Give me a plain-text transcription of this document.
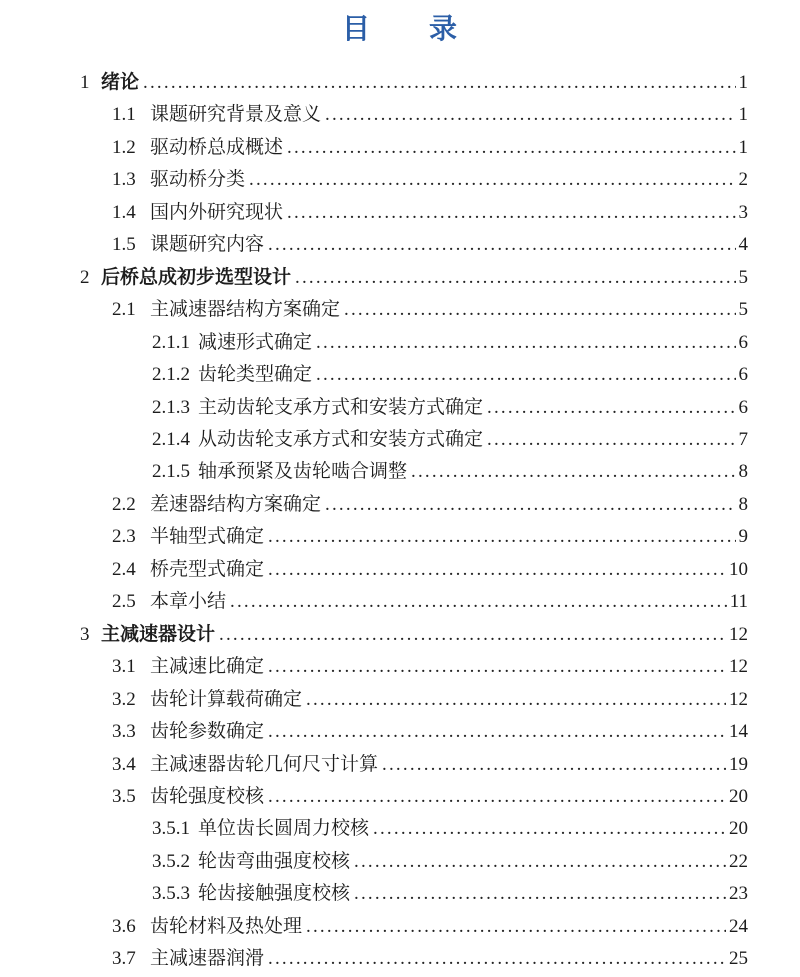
目　　录
1 绪论 .....	1
1.1 课题研究背景及意义 .....	1
1.2 驱动桥总成概述 .....	1
1.3 驱动桥分类 .....	2
1.4 国内外研究现状 .....	3
1.5 课题研究内容 .....	4
2 后桥总成初步选型设计 .....	5
2.1 主减速器结构方案确定 .....	5
2.1.1 减速形式确定 .....	6
2.1.2 齿轮类型确定 .....	6
2.1.3 主动齿轮支承方式和安装方式确定 .....	6
2.1.4 从动齿轮支承方式和安装方式确定 .....	7
2.1.5 轴承预紧及齿轮啮合调整 .....	8
2.2 差速器结构方案确定 .....	8
2.3 半轴型式确定 .....	9
2.4 桥壳型式确定 .....	10
2.5 本章小结 .....	11
3 主减速器设计 .....	12
3.1 主减速比确定 .....	12
3.2 齿轮计算载荷确定 .....	12
3.3 齿轮参数确定 .....	14
3.4 主减速器齿轮几何尺寸计算 .....	19
3.5 齿轮强度校核 .....	20
3.5.1 单位齿长圆周力校核 .....	20
3.5.2 轮齿弯曲强度校核 .....	22
3.5.3 轮齿接触强度校核 .....	23
3.6 齿轮材料及热处理 .....	24
3.7 主减速器润滑 .....	25
